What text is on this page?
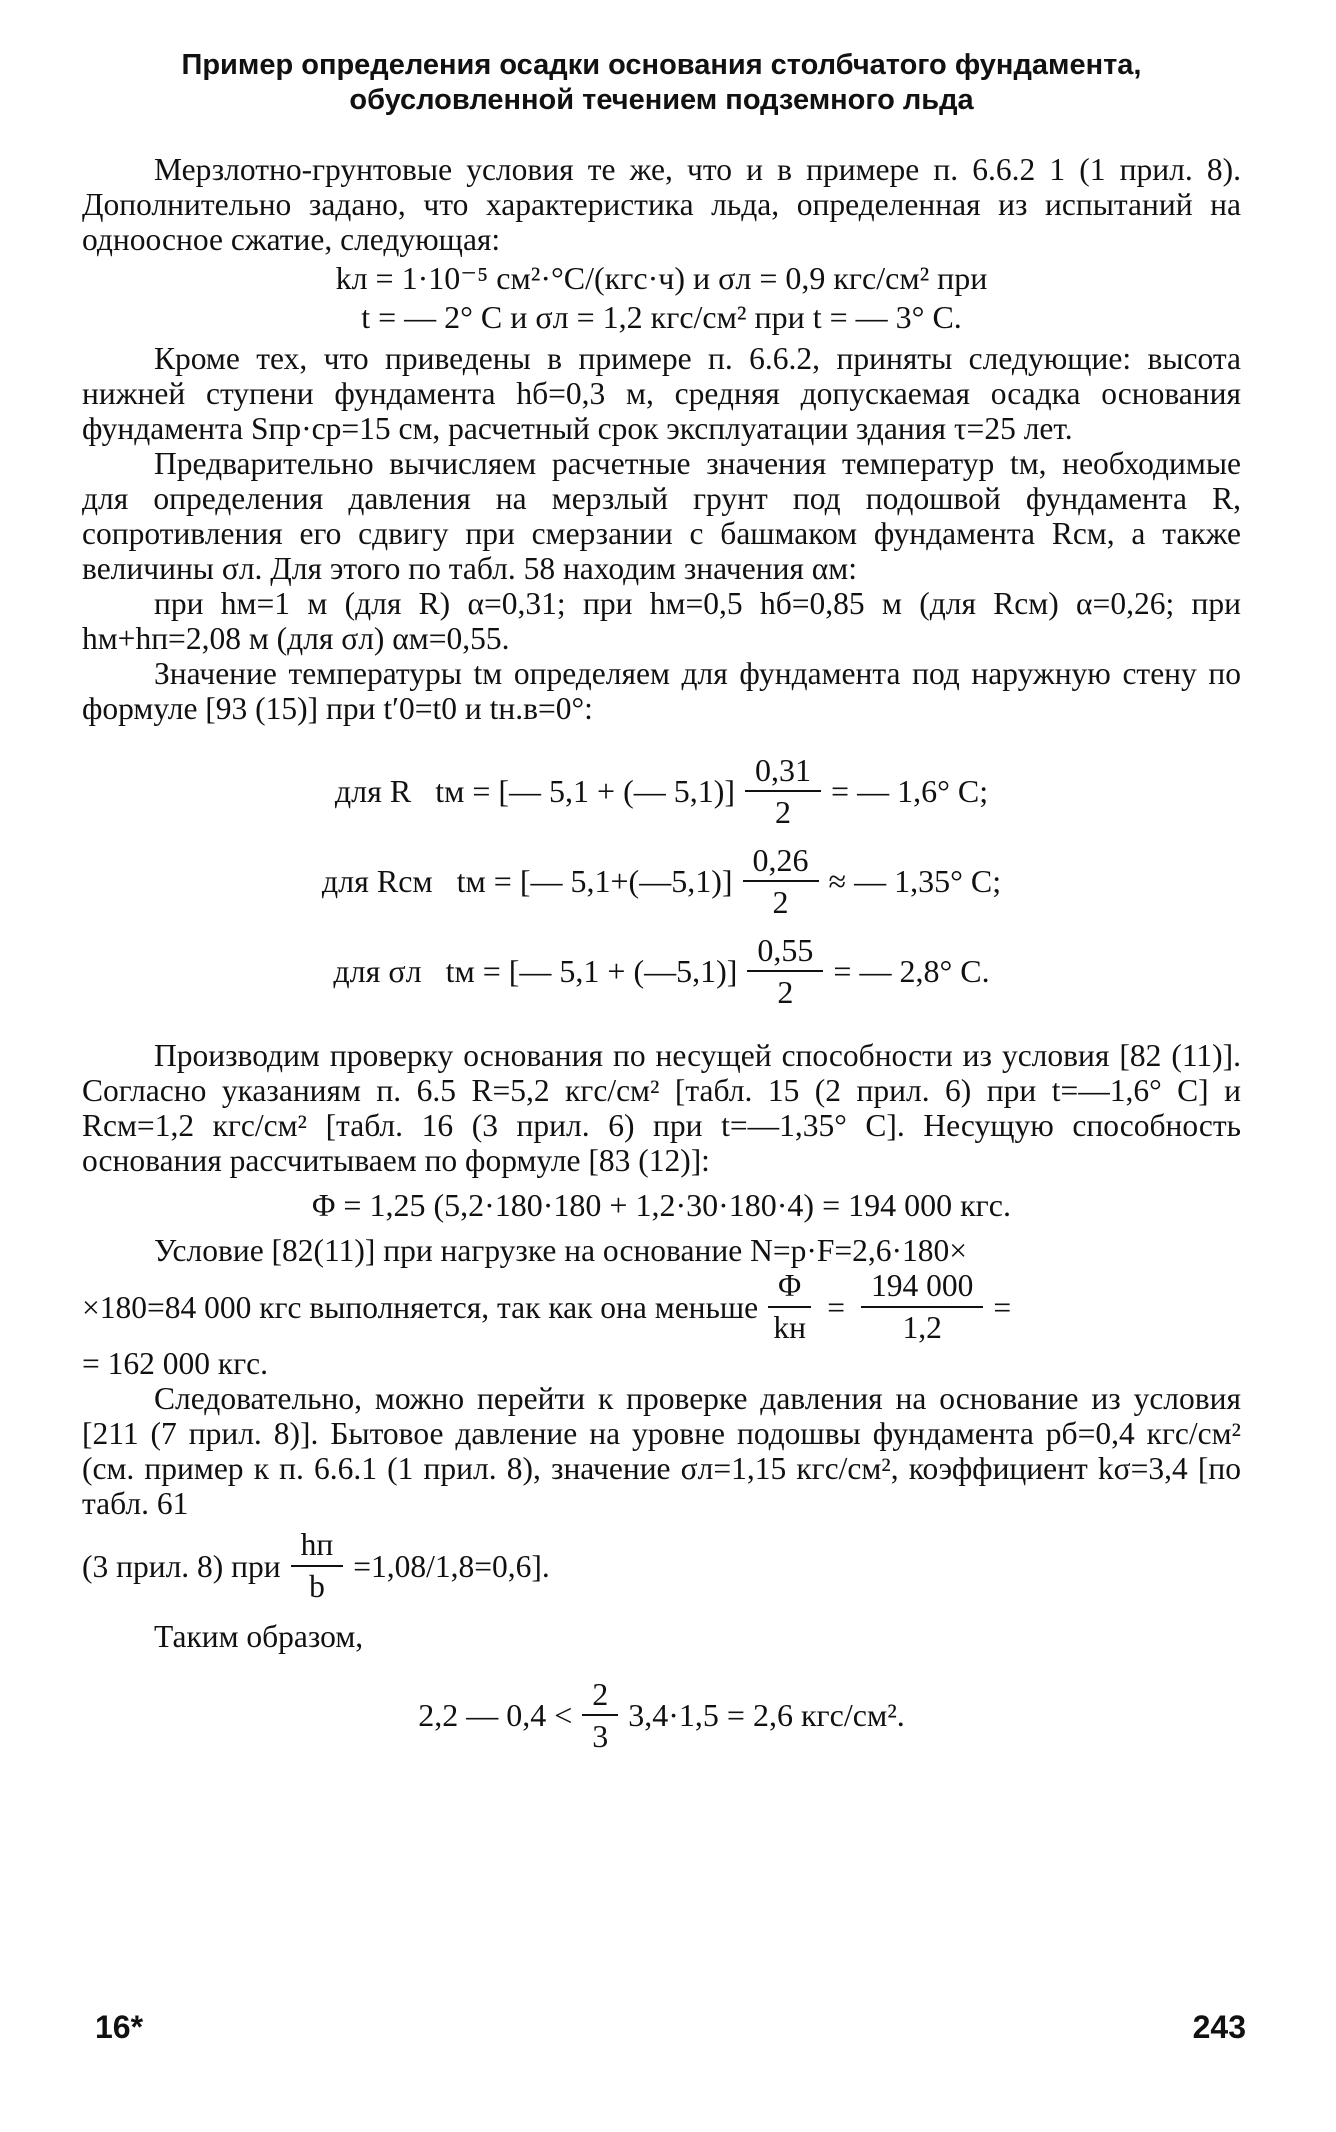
Пример определения осадки основания столбчатого фундамента,
обусловленной течением подземного льда

Мерзлотно-грунтовые условия те же, что и в примере п. 6.6.2 1 (1 прил. 8). Дополнительно задано, что характеристика льда, определенная из испытаний на одноосное сжатие, следующая:

kл = 1·10⁻⁵ см²·°С/(кгс·ч) и σл = 0,9 кгс/см² при
t = — 2° С и σл = 1,2 кгс/см² при t = — 3° С.

Кроме тех, что приведены в примере п. 6.6.2, приняты следующие: высота нижней ступени фундамента hб=0,3 м, средняя допускаемая осадка основания фундамента Sпр·ср=15 см, расчетный срок эксплуатации здания τ=25 лет.

Предварительно вычисляем расчетные значения температур tм, необходимые для определения давления на мерзлый грунт под подошвой фундамента R, сопротивления его сдвигу при смерзании с башмаком фундамента Rсм, а также величины σл. Для этого по табл. 58 находим значения αм:

при hм=1 м (для R) α=0,31; при hм=0,5 hб=0,85 м (для Rсм) α=0,26; при hм+hп=2,08 м (для σл) αм=0,55.

Значение температуры tм определяем для фундамента под наружную стену по формуле [93 (15)] при t′0=t0 и tн.в=0°:

для R tм = [— 5,1 + (— $5,1)] \frac{0,31}{2}$ = — 1,6° С;
для Rсм tм = [— 5,1+(—5,1)] $\frac{0,26}{2}$ ≈ — 1,35° С;
для σл tм = [— 5,1 + (—5,1)] $\frac{0,55}{2}$ = — 2,8° С.

Производим проверку основания по несущей способности из условия [82 (11)]. Согласно указаниям п. 6.5 R=5,2 кгс/см² [табл. 15 (2 прил. 6) при t=—1,6° С] и Rсм=1,2 кгс/см² [табл. 16 (3 прил. 6) при t=—1,35° С]. Несущую способность основания рассчитываем по формуле [83 (12)]:

Φ = 1,25 (5,2·180·180 + 1,2·30·180·4) = 194 000 кгс.

Условие [82(11)] при нагрузке на основание N=p·F=2,6·180×

×180=84 000 кгс выполняется, так как она меньше $\frac{\Phi}{kн} = \frac{194 000}{1,2}$ =

= 162 000 кгс.

Следовательно, можно перейти к проверке давления на основание из условия [211 (7 прил. 8)]. Бытовое давление на уровне подошвы фундамента pб=0,4 кгс/см² (см. пример к п. 6.6.1 (1 прил. 8), значение σл=1,15 кгс/см², коэффициент kσ=3,4 [по табл. 61

(3 прил. 8) при $\frac{hп}{b} =1,08/1,8=0,6$].

Таким образом,

2,2 — $0,4 < \frac{2}{3} 3,4\cdot 1,5 = 2,6$ кгс/см².
16*	243
